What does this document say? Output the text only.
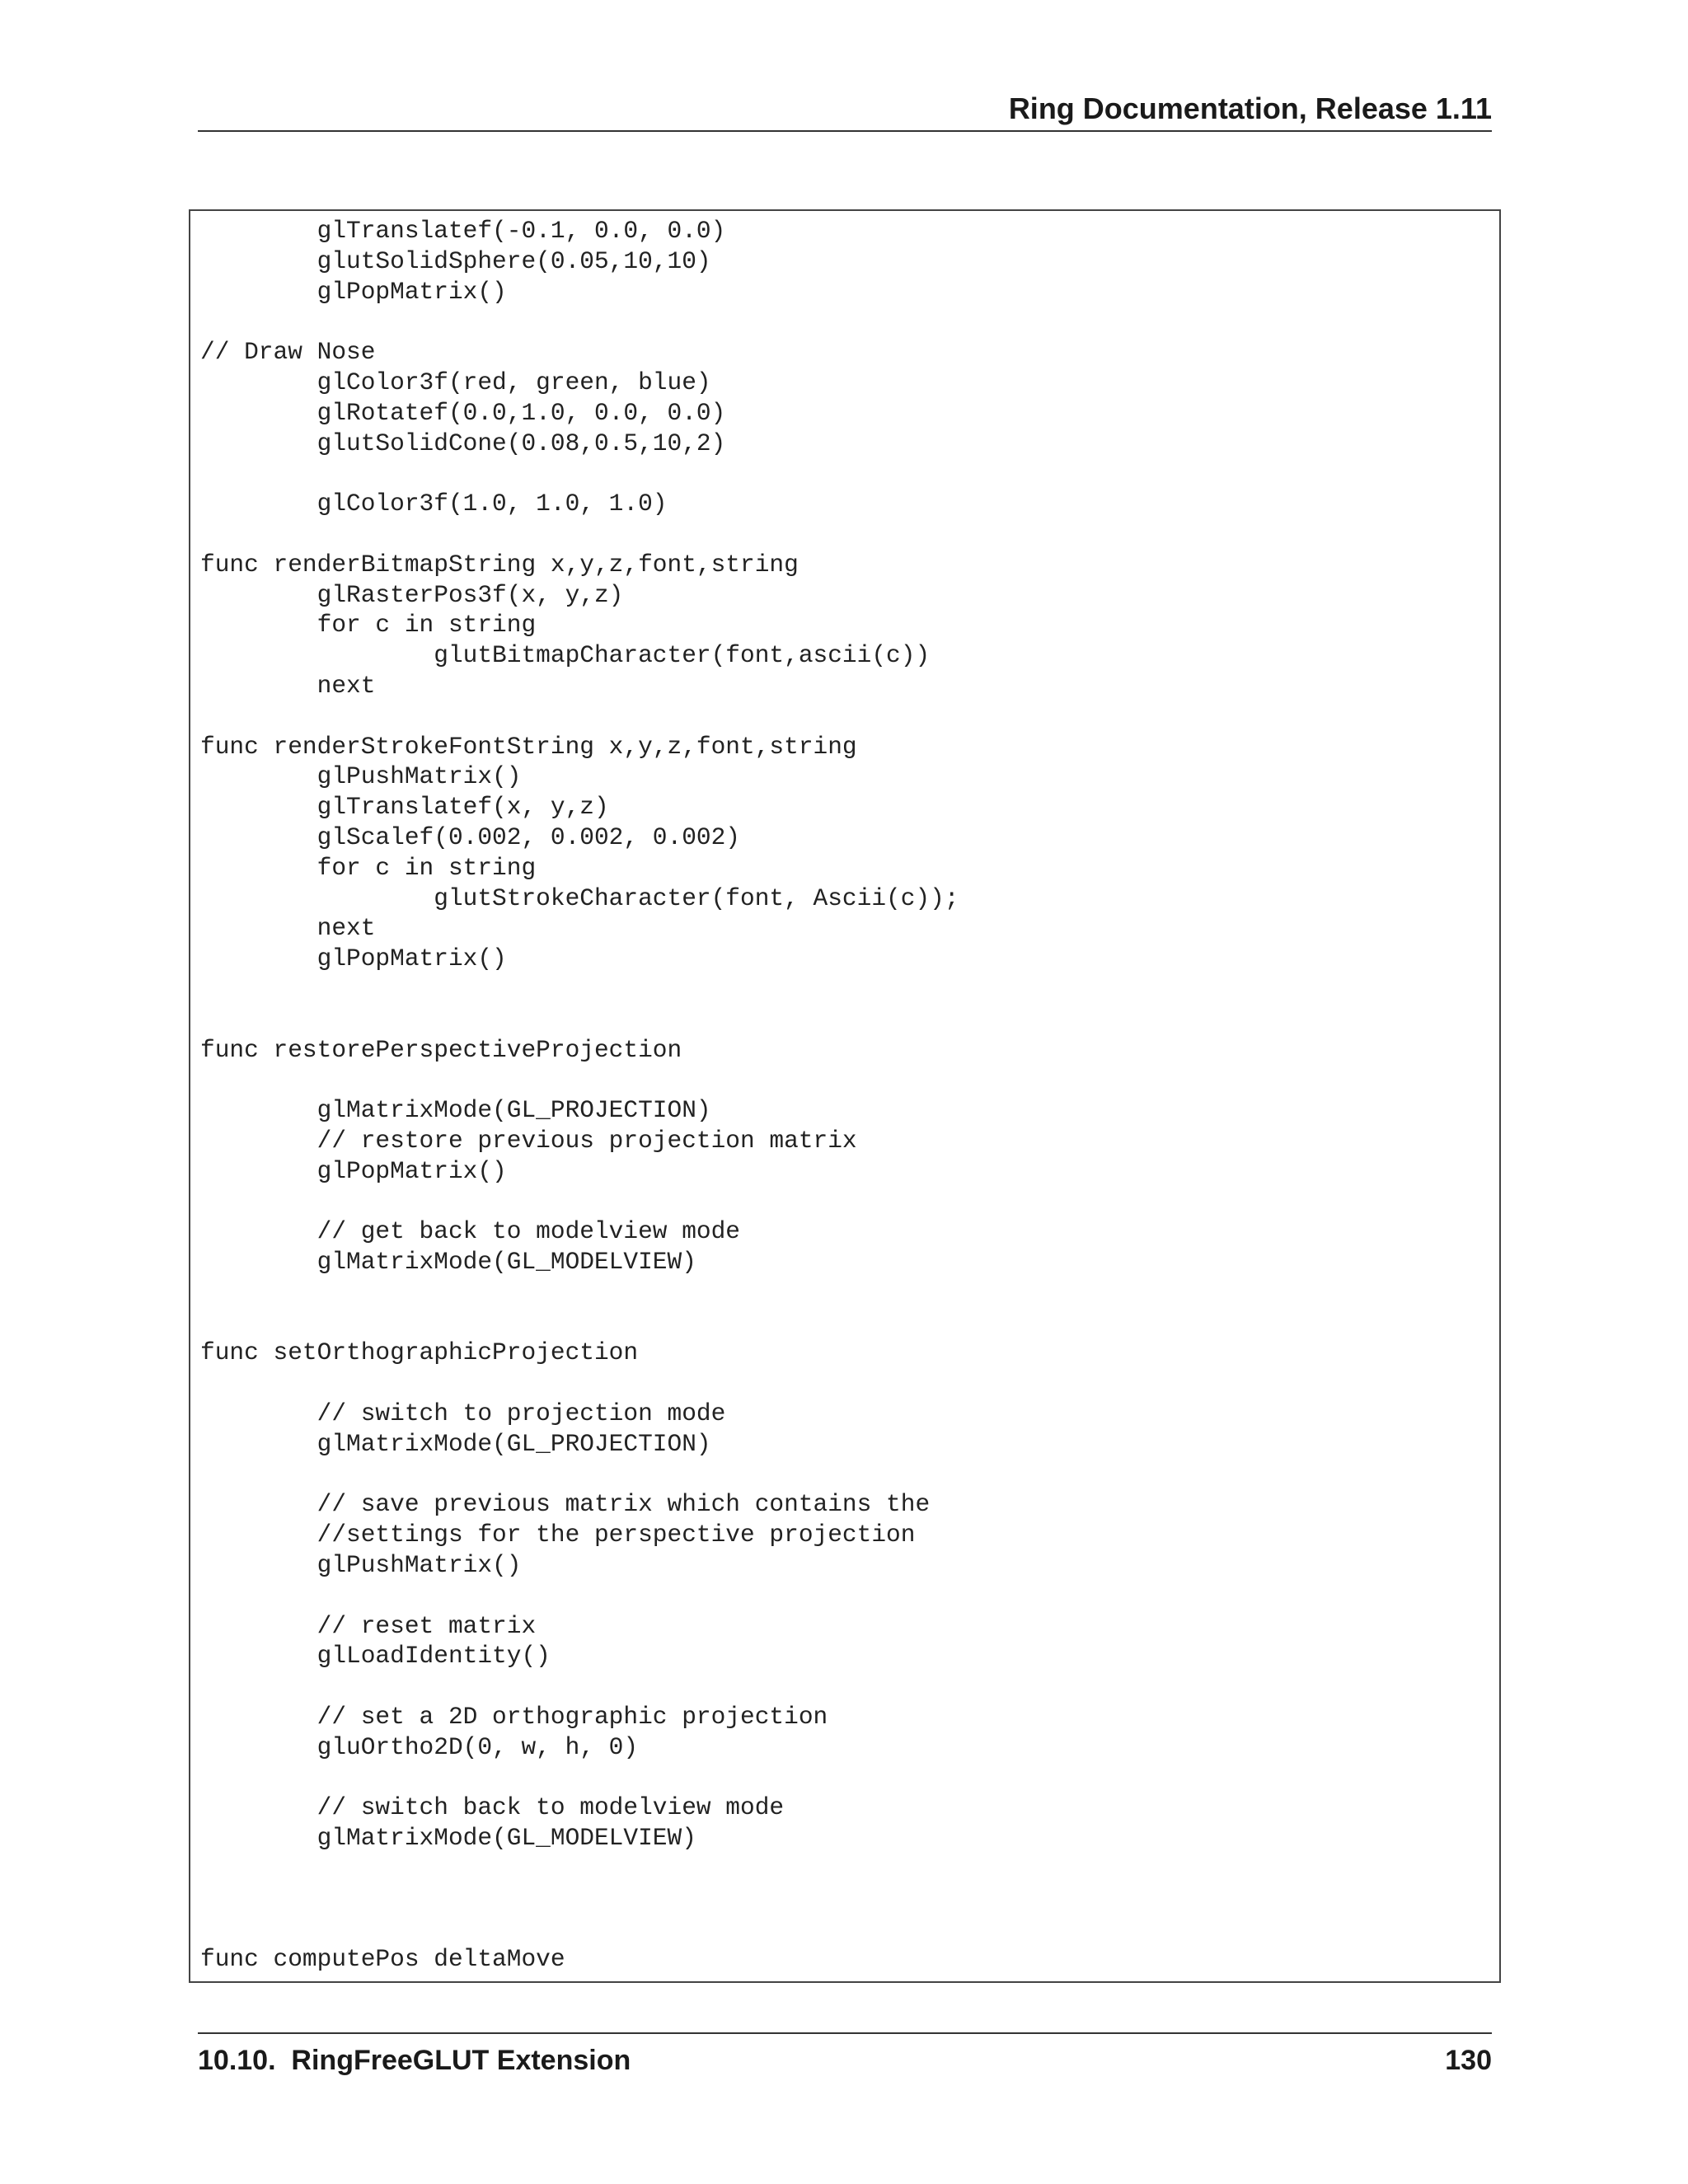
Ring Documentation, Release 1.11
glTranslatef(-0.1, 0.0, 0.0)
glutSolidSphere(0.05,10,10)
glPopMatrix()
// Draw Nose
glColor3f(red, green, blue)
glRotatef(0.0,1.0, 0.0, 0.0)
glutSolidCone(0.08,0.5,10,2)
glColor3f(1.0, 1.0, 1.0)
func renderBitmapString x,y,z,font,string
glRasterPos3f(x, y,z)
for c in string
glutBitmapCharacter(font,ascii(c))
next
func renderStrokeFontString x,y,z,font,string
glPushMatrix()
glTranslatef(x, y,z)
glScalef(0.002, 0.002, 0.002)
for c in string
glutStrokeCharacter(font, Ascii(c));
next
glPopMatrix()
func restorePerspectiveProjection
glMatrixMode(GL_PROJECTION)
// restore previous projection matrix
glPopMatrix()
// get back to modelview mode
glMatrixMode(GL_MODELVIEW)
func setOrthographicProjection
// switch to projection mode
glMatrixMode(GL_PROJECTION)
// save previous matrix which contains the
//settings for the perspective projection
glPushMatrix()
// reset matrix
glLoadIdentity()
// set a 2D orthographic projection
gluOrtho2D(0, w, h, 0)
// switch back to modelview mode
glMatrixMode(GL_MODELVIEW)
func computePos deltaMove
10.10.  RingFreeGLUT Extension	130
